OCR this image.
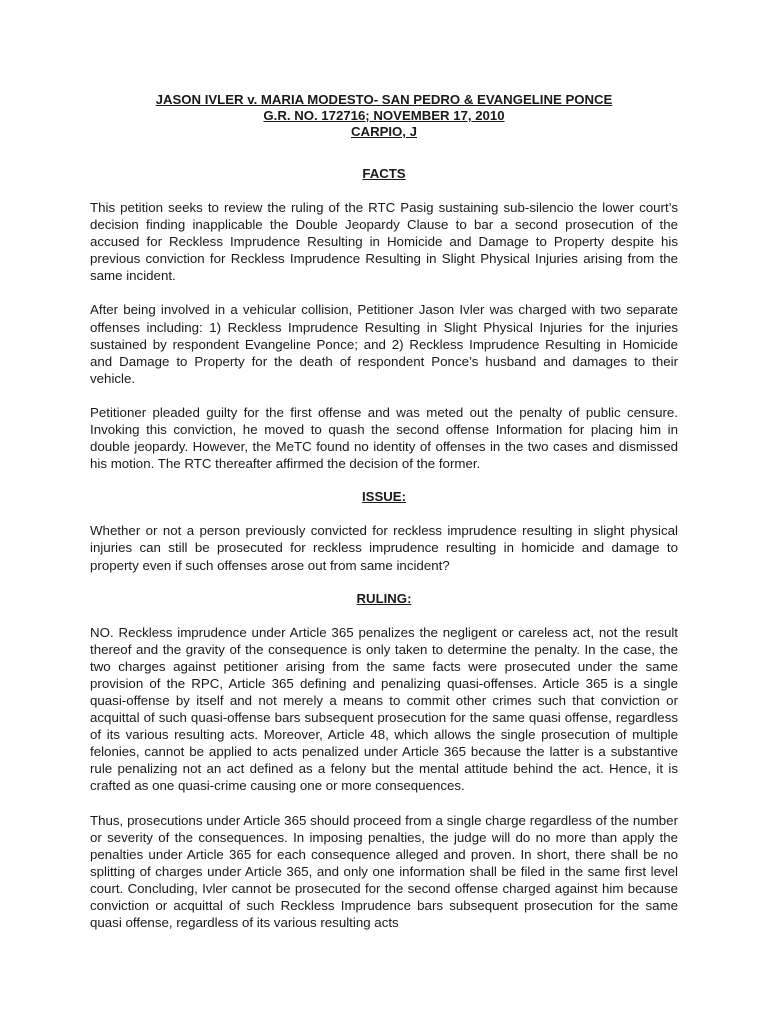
JASON IVLER v. MARIA MODESTO- SAN PEDRO & EVANGELINE PONCE
G.R. NO. 172716; NOVEMBER 17, 2010
CARPIO, J
FACTS

This petition seeks to review the ruling of the RTC Pasig sustaining sub-silencio the lower court’s decision finding inapplicable the Double Jeopardy Clause to bar a second prosecution of the accused for Reckless Imprudence Resulting in Homicide and Damage to Property despite his previous conviction for Reckless Imprudence Resulting in Slight Physical Injuries arising from the same incident.

After being involved in a vehicular collision, Petitioner Jason Ivler was charged with two separate offenses including: 1) Reckless Imprudence Resulting in Slight Physical Injuries for the injuries sustained by respondent Evangeline Ponce; and 2) Reckless Imprudence Resulting in Homicide and Damage to Property for the death of respondent Ponce’s husband and damages to their vehicle.

Petitioner pleaded guilty for the first offense and was meted out the penalty of public censure. Invoking this conviction, he moved to quash the second offense Information for placing him in double jeopardy. However, the MeTC found no identity of offenses in the two cases and dismissed his motion. The RTC thereafter affirmed the decision of the former.

ISSUE:

Whether or not a person previously convicted for reckless imprudence resulting in slight physical injuries can still be prosecuted for reckless imprudence resulting in homicide and damage to property even if such offenses arose out from same incident?

RULING:

NO. Reckless imprudence under Article 365 penalizes the negligent or careless act, not the result thereof and the gravity of the consequence is only taken to determine the penalty. In the case, the two charges against petitioner arising from the same facts were prosecuted under the same provision of the RPC, Article 365 defining and penalizing quasi-offenses. Article 365 is a single quasi-offense by itself and not merely a means to commit other crimes such that conviction or acquittal of such quasi-offense bars subsequent prosecution for the same quasi offense, regardless of its various resulting acts. Moreover, Article 48, which allows the single prosecution of multiple felonies, cannot be applied to acts penalized under Article 365 because the latter is a substantive rule penalizing not an act defined as a felony but the mental attitude behind the act. Hence, it is crafted as one quasi-crime causing one or more consequences.

Thus, prosecutions under Article 365 should proceed from a single charge regardless of the number or severity of the consequences. In imposing penalties, the judge will do no more than apply the penalties under Article 365 for each consequence alleged and proven. In short, there shall be no splitting of charges under Article 365, and only one information shall be filed in the same first level court. Concluding, Ivler cannot be prosecuted for the second offense charged against him because conviction or acquittal of such Reckless Imprudence bars subsequent prosecution for the same quasi offense, regardless of its various resulting acts
